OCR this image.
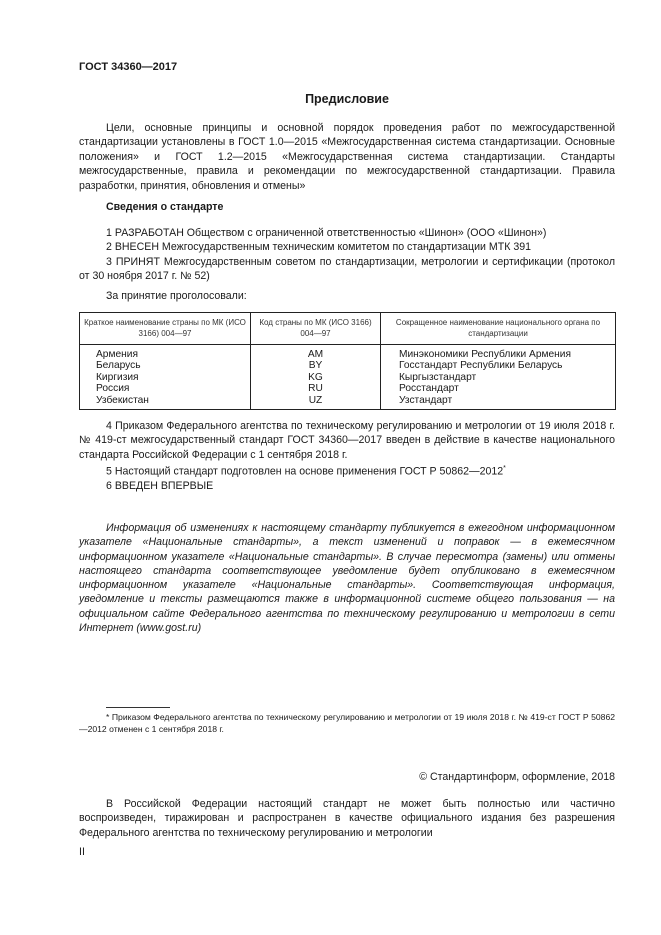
ГОСТ 34360—2017
Предисловие
Цели, основные принципы и основной порядок проведения работ по межгосударственной стандартизации установлены в ГОСТ 1.0—2015 «Межгосударственная система стандартизации. Основные положения» и ГОСТ 1.2—2015 «Межгосударственная система стандартизации. Стандарты межгосударственные, правила и рекомендации по межгосударственной стандартизации. Правила разработки, принятия, обновления и отмены»
Сведения о стандарте

1 РАЗРАБОТАН Обществом с ограниченной ответственностью «Шинон» (ООО «Шинон»)

2 ВНЕСЕН Межгосударственным техническим комитетом по стандартизации МТК 391

3 ПРИНЯТ Межгосударственным советом по стандартизации, метрологии и сертификации (протокол от 30 ноября 2017 г. № 52)

За принятие проголосовали:
Краткое наименование страны по МК (ИСО 3166) 004—97	Код страны по МК (ИСО 3166) 004—97	Сокращенное наименование национального органа по стандартизации
Армения	AM	Минэкономики Республики Армения
Беларусь	BY	Госстандарт Республики Беларусь
Киргизия	KG	Кыргызстандарт
Россия	RU	Росстандарт
Узбекистан	UZ	Узстандарт

4 Приказом Федерального агентства по техническому регулированию и метрологии от 19 июля 2018 г. № 419-ст межгосударственный стандарт ГОСТ 34360—2017 введен в действие в качестве национального стандарта Российской Федерации с 1 сентября 2018 г.

5 Настоящий стандарт подготовлен на основе применения ГОСТ Р 50862—2012*

6 ВВЕДЕН ВПЕРВЫЕ

Информация об изменениях к настоящему стандарту публикуется в ежегодном информационном указателе «Национальные стандарты», а текст изменений и поправок — в ежемесячном информационном указателе «Национальные стандарты». В случае пересмотра (замены) или отмены настоящего стандарта соответствующее уведомление будет опубликовано в ежемесячном информационном указателе «Национальные стандарты». Соответствующая информация, уведомление и тексты размещаются также в информационной системе общего пользования — на официальном сайте Федерального агентства по техническому регулированию и метрологии в сети Интернет (www.gost.ru)
* Приказом Федерального агентства по техническому регулированию и метрологии от 19 июля 2018 г. № 419-ст ГОСТ Р 50862—2012 отменен с 1 сентября 2018 г.
© Стандартинформ, оформление, 2018
В Российской Федерации настоящий стандарт не может быть полностью или частично воспроизведен, тиражирован и распространен в качестве официального издания без разрешения Федерального агентства по техническому регулированию и метрологии
II
